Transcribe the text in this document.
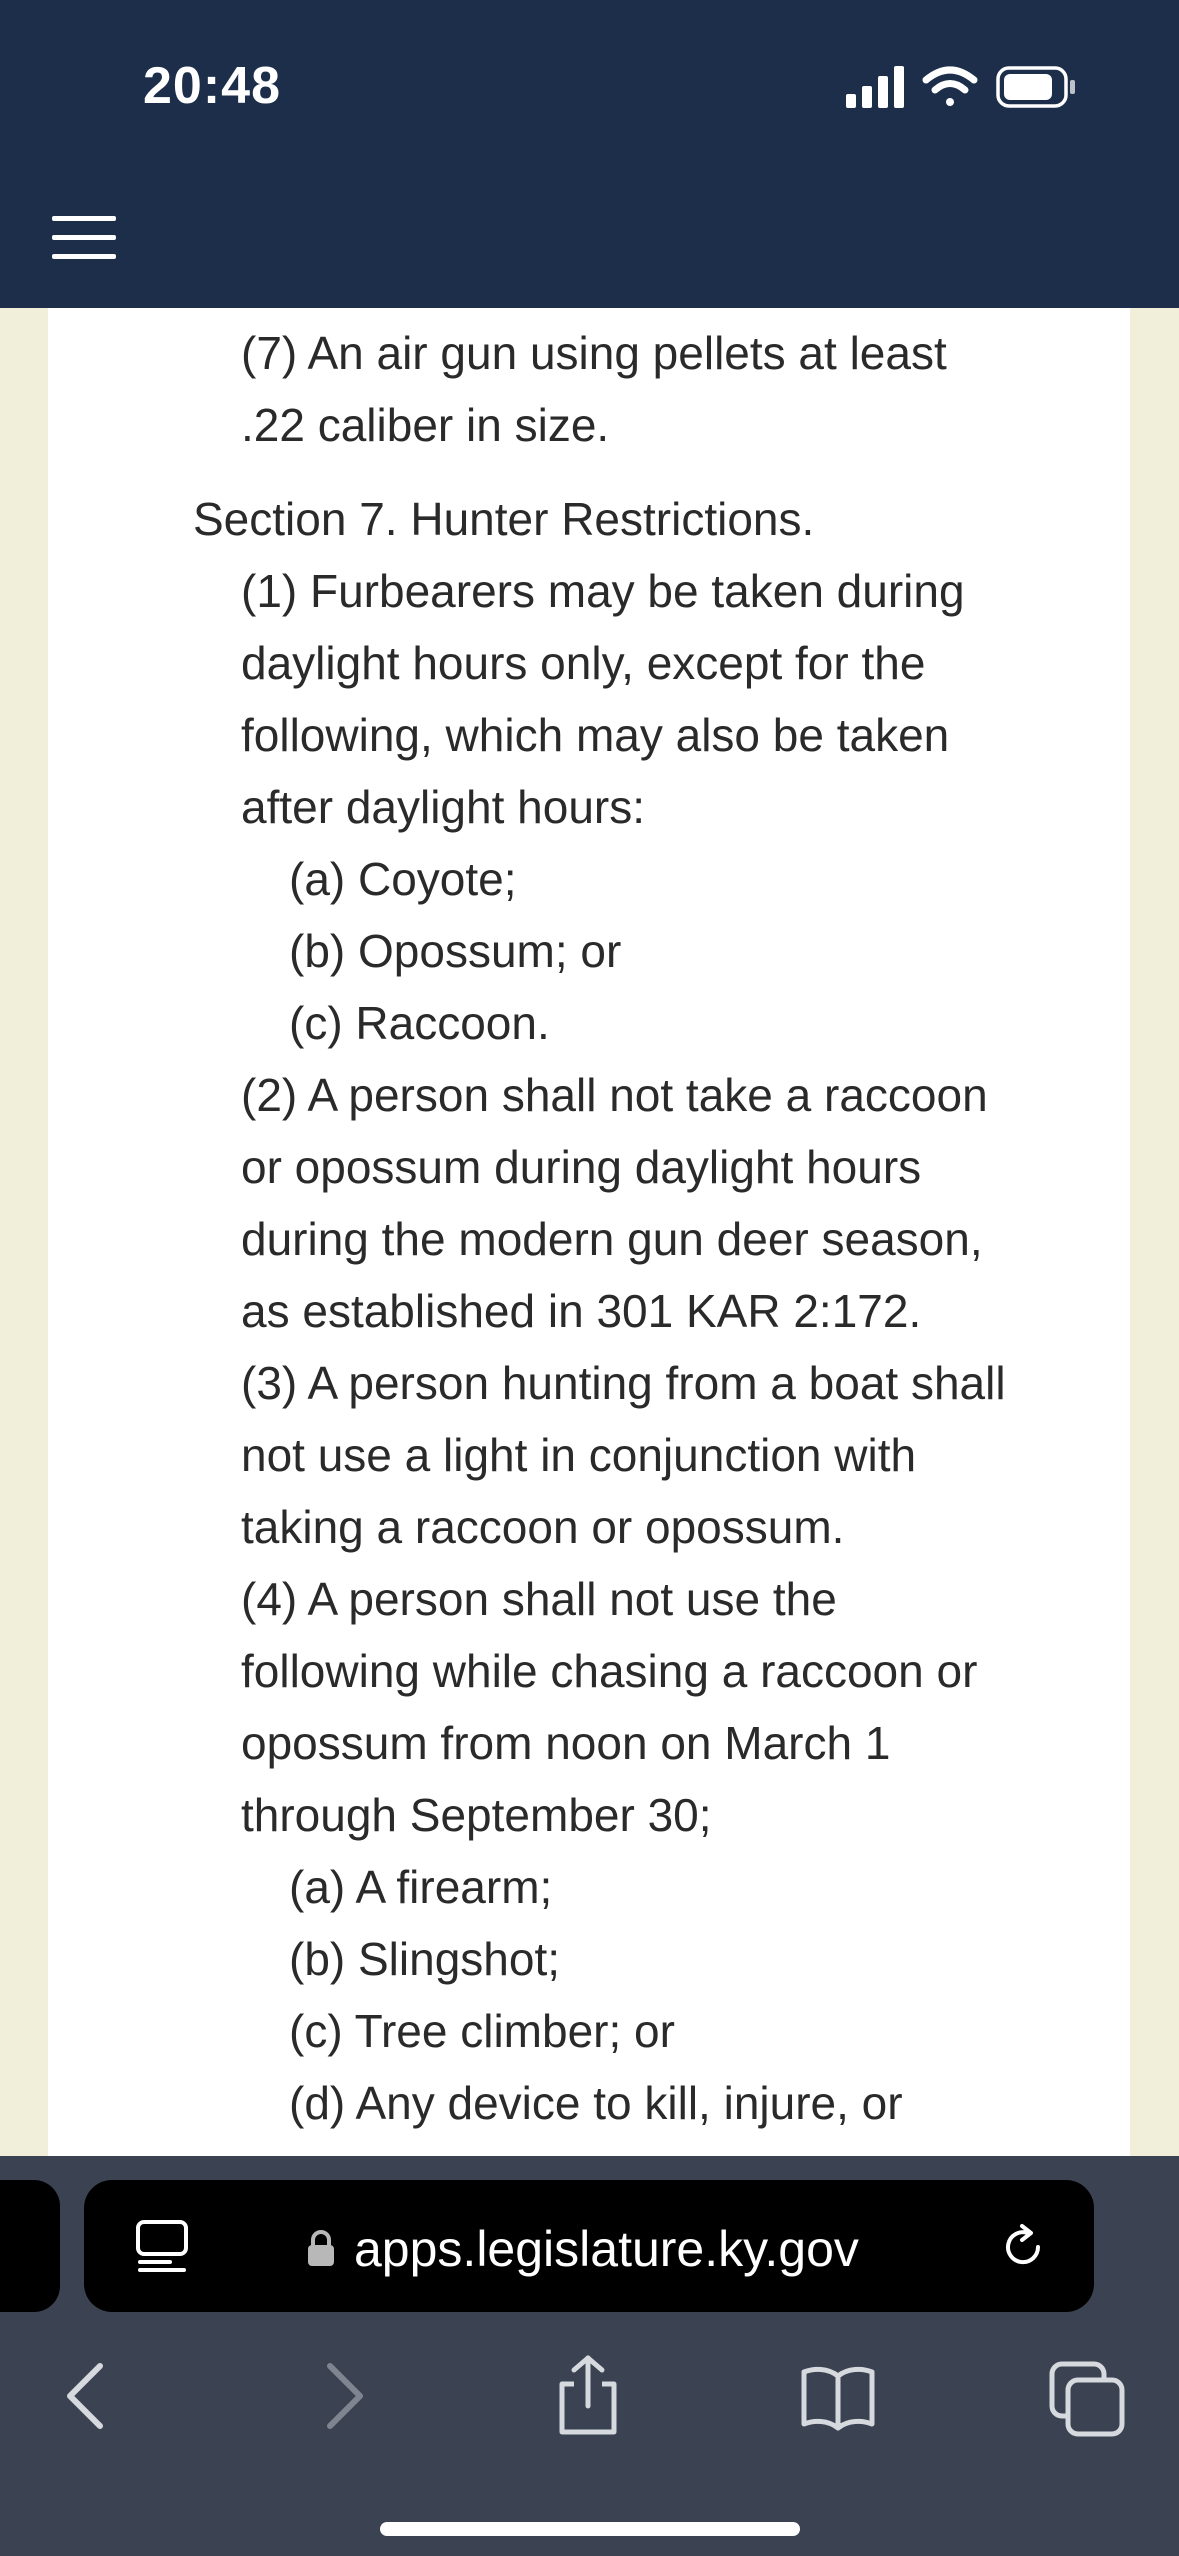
20:48

(7) An air gun using pellets at least

.22 caliber in size.

Section 7. Hunter Restrictions.

(1) Furbearers may be taken during

daylight hours only, except for the

following, which may also be taken

after daylight hours:

(a) Coyote;

(b) Opossum; or

(c) Raccoon.

(2) A person shall not take a raccoon

or opossum during daylight hours

during the modern gun deer season,

as established in 301 KAR 2:172.

(3) A person hunting from a boat shall

not use a light in conjunction with

taking a raccoon or opossum.

(4) A person shall not use the

following while chasing a raccoon or

opossum from noon on March 1

through September 30;

(a) A firearm;

(b) Slingshot;

(c) Tree climber; or

(d) Any device to kill, injure, or

apps.legislature.ky.gov
